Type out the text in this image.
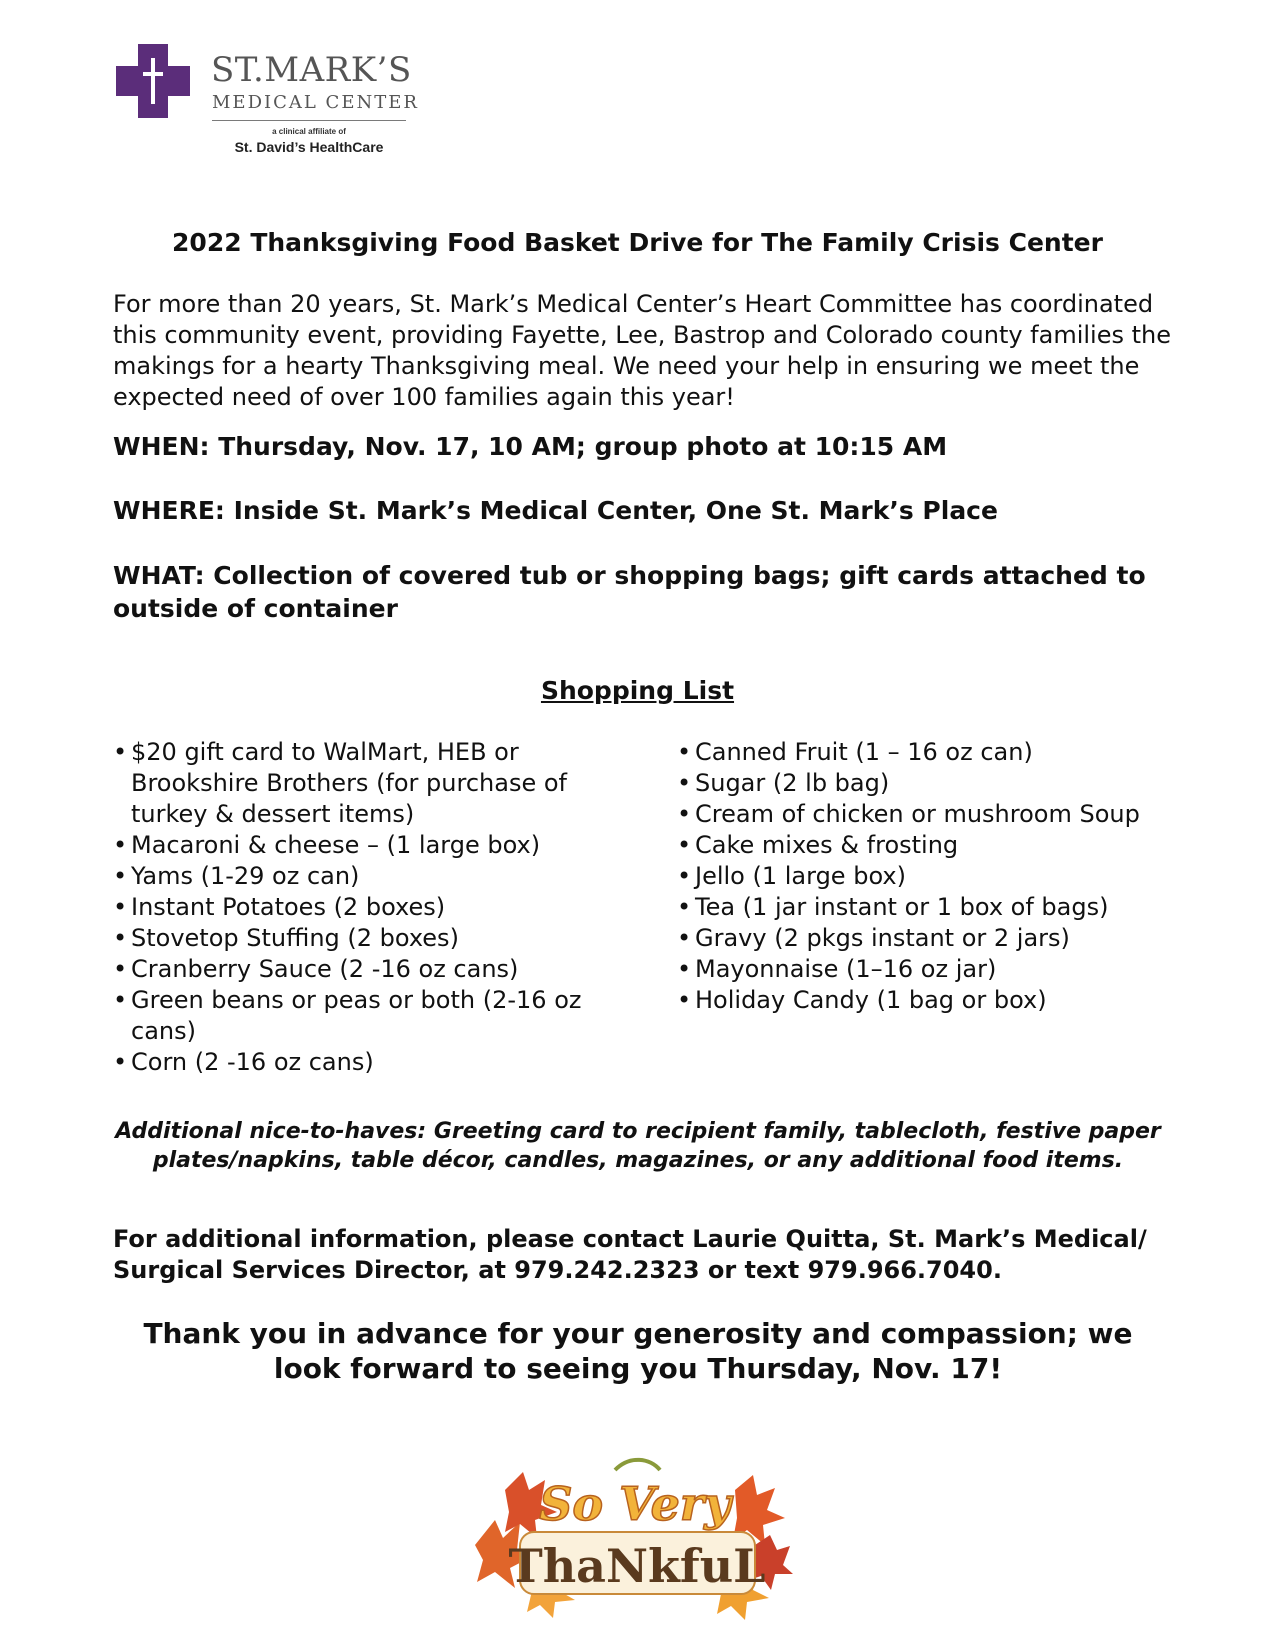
ST.MARK’S
MEDICAL CENTER
a clinical affiliate of
St. David’s HealthCare
2022 Thanksgiving Food Basket Drive for The Family Crisis Center

For more than 20 years, St. Mark’s Medical Center’s Heart Committee has coordinated this community event, providing Fayette, Lee, Bastrop and Colorado county families the makings for a hearty Thanksgiving meal. We need your help in ensuring we meet the expected need of over 100 families again this year!

WHEN: Thursday, Nov. 17, 10 AM; group photo at 10:15 AM

WHERE: Inside St. Mark’s Medical Center, One St. Mark’s Place

WHAT: Collection of covered tub or shopping bags; gift cards attached to outside of container

Shopping List
• $20 gift card to WalMart, HEB or Brookshire Brothers (for purchase of turkey & dessert items)
• Macaroni & cheese – (1 large box)
• Yams (1-29 oz can)
• Instant Potatoes (2 boxes)
• Stovetop Stuffing (2 boxes)
• Cranberry Sauce (2 -16 oz cans)
• Green beans or peas or both (2-16 oz cans)
• Corn (2 -16 oz cans)
• Canned Fruit (1 – 16 oz can)
• Sugar (2 lb bag)
• Cream of chicken or mushroom Soup
• Cake mixes & frosting
• Jello (1 large box)
• Tea (1 jar instant or 1 box of bags)
• Gravy (2 pkgs instant or 2 jars)
• Mayonnaise (1–16 oz jar)
• Holiday Candy (1 bag or box)

Additional nice-to-haves: Greeting card to recipient family, tablecloth, festive paper plates/napkins, table décor, candles, magazines, or any additional food items.

For additional information, please contact Laurie Quitta, St. Mark’s Medical/ Surgical Services Director, at 979.242.2323 or text 979.966.7040.

Thank you in advance for your generosity and compassion; we look forward to seeing you Thursday, Nov. 17!

So Very
ThaNkfuL
